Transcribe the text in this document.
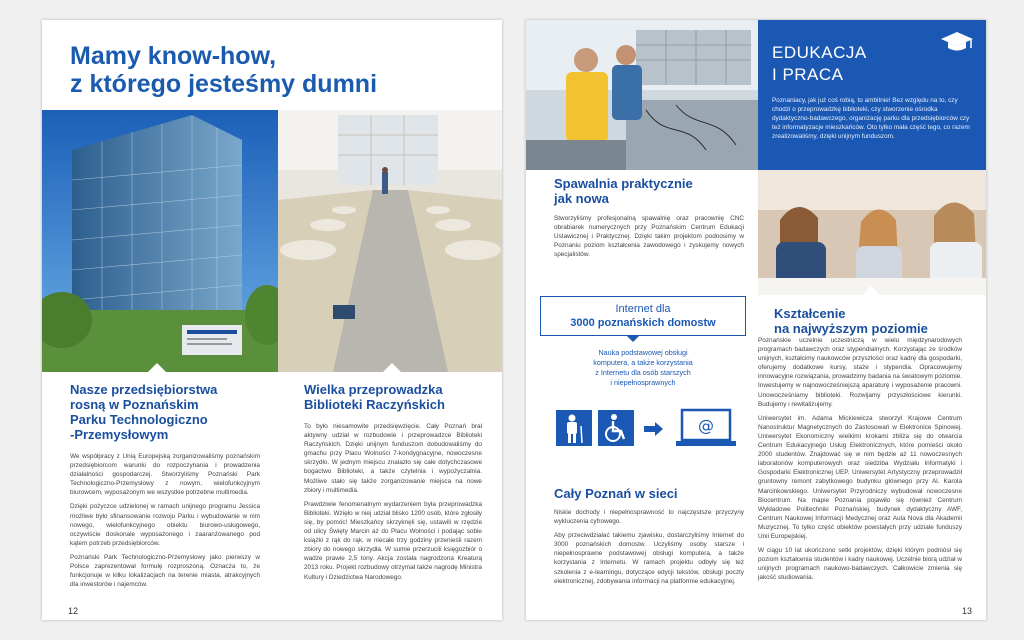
Mamy know-how,
z którego jesteśmy dumni
Nasze przedsiębiorstwa
rosną w Poznańskim
Parku Technologiczno
-Przemysłowym

We współpracy z Unią Europejską zorganizowaliśmy poznańskim przedsiębiorcom warunki do rozpoczynania i prowadzenia działalności gospodarczej. Stworzyliśmy Poznański Park Technologiczno-Przemysłowy z nowym, wielofunkcyjnym biurowcem, wyposażonym we wszystkie potrzebne multimedia.

Dzięki pożyczce udzielonej w ramach unijnego programu Jessica możliwe było sfinansowanie rozwoju Parku i wybudowanie w nim nowego, wielofunkcyjnego obiektu biurowo-usługowego, oczywiście doskonale wyposażonego i zaaranżowanego pod kątem potrzeb przedsiębiorców.

Poznański Park Technologiczno-Przemysłowy jako pierwszy w Polsce zaprezentował formułę rozproszoną. Oznacza to, że funkcjonuje w kilku lokalizacjach na terenie miasta, atrakcyjnych dla inwestorów i najemców.

Wielka przeprowadzka
Biblioteki Raczyńskich

To było niesamowite przedsięwzięcie. Cały Poznań brał aktywny udział w rozbudowie i przeprowadzce Biblioteki Raczyńskich. Dzięki unijnym funduszom dobudowaliśmy do gmachu przy Placu Wolności 7-kondygnacyjne, nowoczesne skrzydło. W jednym miejscu znalazło się całe dotychczasowe bogactwo Biblioteki, a także czytelnia i wypożyczalnia. Możliwe stało się także zorganizowanie miejsca na nowe zbiory i multimedia.

Prawdziwie fenomenalnym wydarzeniem była przeprowadzka Biblioteki. Wzięło w niej udział blisko 1200 osób, które zgłosiły się, by pomóc! Mieszkańcy skrzyknęli się, ustawili w rzędzie od ulicy Święty Marcin aż do Placu Wolności i podając sobie książki z rąk do rąk, w niecałe trzy godziny przenieśli razem zbiory do nowego skrzydła. W sumie przerzucili księgozbiór o wadze prawie 2,5 tony. Akcja została nagrodzona Kreaturą 2013 roku. Projekt rozbudowy otrzymał także nagrodę Ministra Kultury i Dziedzictwa Narodowego.

12
EDUKACJA
I PRACA
Poznaniacy, jak już coś robią, to ambitnie! Bez względu na to, czy chodzi o przeprowadzkę biblioteki, czy stworzenie ośrodka dydaktyczno-badawczego, organizację parku dla przedsiębiorców czy też informatyzacje mieszkańców. Oto tylko mała część tego, co razem zrealizowaliśmy, dzięki unijnym funduszom.
Spawalnia praktycznie
jak nowa
Stworzyliśmy profesjonalną spawalnię oraz pracownię CNC obrabiarek numerycznych przy Poznańskim Centrum Edukacji Ustawicznej i Praktycznej. Dzięki takim projektom podnosimy w Poznaniu poziom kształcenia zawodowego i zyskujemy nowych specjalistów.
Internet dla
3000 poznańskich domostw
Nauka podstawowej obsługi
komputera, a także korzystania
z Internetu dla osób starszych
i niepełnosprawnych
@
Cały Poznań w sieci

Niskie dochody i niepełnosprawność to najczęstsze przyczyny wykluczenia cyfrowego.

Aby przeciwdziałać takiemu zjawisku, dostarczyliśmy Internet do 3000 poznańskich domostw. Uczyliśmy osoby starsze i niepełnosprawne podstawowej obsługi komputera, a także korzystania z Internetu. W ramach projektu odbyły się też szkolenia z e-learningu, dotyczące edycji tekstów, obsługi poczty elektronicznej, zdobywania informacji na platformie edukacyjnej.

Kształcenie
na najwyższym poziomie

Poznańskie uczelnie uczestniczą w wielu międzynarodowych programach badawczych oraz stypendialnych. Korzystając ze środków unijnych, kształcimy naukowców przyszłości oraz kadrę dla gospodarki, oferujemy dodatkowe kursy, staże i stypendia. Opracowujemy innowacyjne rozwiązania, prowadzimy badania na światowym poziomie. Inwestujemy w najnowocześniejszą aparaturę i wyposażenie pracowni. Unowocześniamy biblioteki. Rozwijamy przyszłościowe kierunki. Budujemy i rewitalizujemy.

Uniwersytet im. Adama Mickiewicza stworzył Krajowe Centrum Nanostruktur Magnetycznych do Zastosowań w Elektronice Spinowej. Uniwersytet Ekonomiczny wielkimi krokami zbliża się do otwarcia Centrum Edukacyjnego Usług Elektronicznych, które pomieści około 2000 studentów. Znajdować się w nim będzie aż 11 nowoczesnych laboratoriów komputerowych oraz siedziba Wydziału Informatyki i Gospodarki Elektronicznej UEP. Uniwersytet Artystyczny przeprowadził gruntowny remont zabytkowego budynku głównego przy Al. Karola Marcinkowskiego. Uniwersytet Przyrodniczy wybudował nowoczesne Biocentrum. Na mapie Poznania pojawiło się również Centrum Wykładowe Politechniki Poznańskiej, budynek dydaktyczny AWF, Centrum Naukowej Informacji Medycznej oraz Aula Nova dla Akademii Muzycznej. To tylko część obiektów powstałych przy udziale funduszy Unii Europejskiej.

W ciągu 10 lat ukończono setki projektów, dzięki którym podniósł się poziom kształcenia studentów i kadry naukowej. Uczelnie biorą udział w unijnych programach naukowo-badawczych. Całkowicie zmienia się jakość studiowania.

13
